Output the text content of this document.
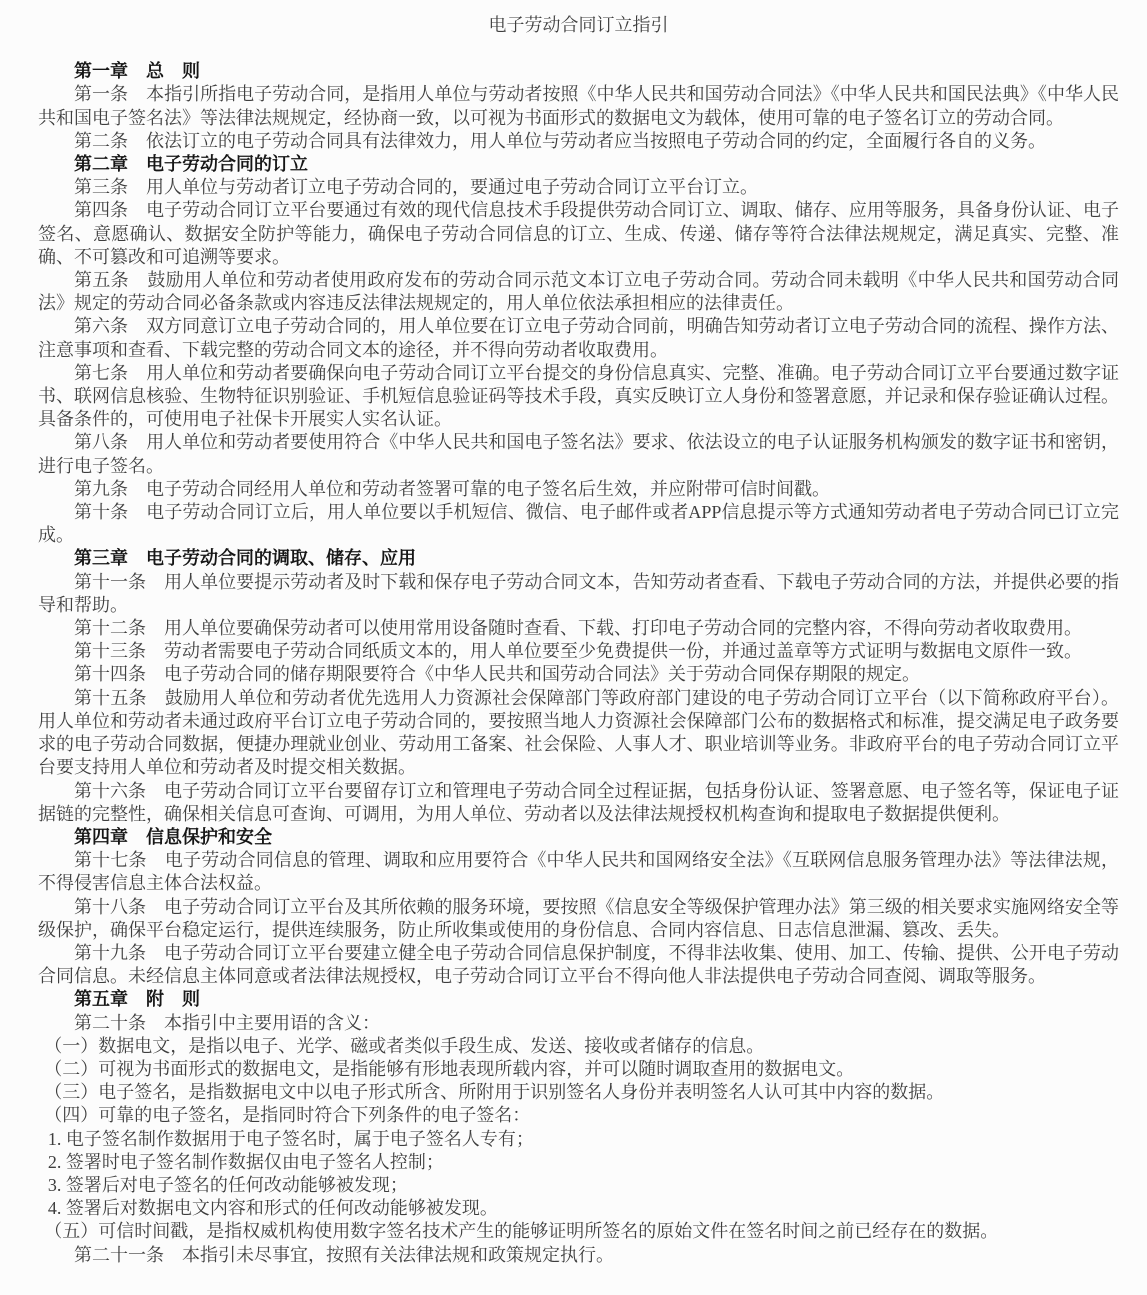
电子劳动合同订立指引

第一章　总　则

第一条　本指引所指电子劳动合同，是指用人单位与劳动者按照《中华人民共和国劳动合同法》《中华人民共和国民法典》《中华人民共和国电子签名法》等法律法规规定，经协商一致，以可视为书面形式的数据电文为载体，使用可靠的电子签名订立的劳动合同。

第二条　依法订立的电子劳动合同具有法律效力，用人单位与劳动者应当按照电子劳动合同的约定，全面履行各自的义务。

第二章　电子劳动合同的订立

第三条　用人单位与劳动者订立电子劳动合同的，要通过电子劳动合同订立平台订立。

第四条　电子劳动合同订立平台要通过有效的现代信息技术手段提供劳动合同订立、调取、储存、应用等服务，具备身份认证、电子签名、意愿确认、数据安全防护等能力，确保电子劳动合同信息的订立、生成、传递、储存等符合法律法规规定，满足真实、完整、准确、不可篡改和可追溯等要求。

第五条　鼓励用人单位和劳动者使用政府发布的劳动合同示范文本订立电子劳动合同。劳动合同未载明《中华人民共和国劳动合同法》规定的劳动合同必备条款或内容违反法律法规规定的，用人单位依法承担相应的法律责任。

第六条　双方同意订立电子劳动合同的，用人单位要在订立电子劳动合同前，明确告知劳动者订立电子劳动合同的流程、操作方法、注意事项和查看、下载完整的劳动合同文本的途径，并不得向劳动者收取费用。

第七条　用人单位和劳动者要确保向电子劳动合同订立平台提交的身份信息真实、完整、准确。电子劳动合同订立平台要通过数字证书、联网信息核验、生物特征识别验证、手机短信息验证码等技术手段，真实反映订立人身份和签署意愿，并记录和保存验证确认过程。具备条件的，可使用电子社保卡开展实人实名认证。

第八条　用人单位和劳动者要使用符合《中华人民共和国电子签名法》要求、依法设立的电子认证服务机构颁发的数字证书和密钥，进行电子签名。

第九条　电子劳动合同经用人单位和劳动者签署可靠的电子签名后生效，并应附带可信时间戳。

第十条　电子劳动合同订立后，用人单位要以手机短信、微信、电子邮件或者APP信息提示等方式通知劳动者电子劳动合同已订立完成。

第三章　电子劳动合同的调取、储存、应用

第十一条　用人单位要提示劳动者及时下载和保存电子劳动合同文本，告知劳动者查看、下载电子劳动合同的方法，并提供必要的指导和帮助。

第十二条　用人单位要确保劳动者可以使用常用设备随时查看、下载、打印电子劳动合同的完整内容，不得向劳动者收取费用。

第十三条　劳动者需要电子劳动合同纸质文本的，用人单位要至少免费提供一份，并通过盖章等方式证明与数据电文原件一致。

第十四条　电子劳动合同的储存期限要符合《中华人民共和国劳动合同法》关于劳动合同保存期限的规定。

第十五条　鼓励用人单位和劳动者优先选用人力资源社会保障部门等政府部门建设的电子劳动合同订立平台（以下简称政府平台）。用人单位和劳动者未通过政府平台订立电子劳动合同的，要按照当地人力资源社会保障部门公布的数据格式和标准，提交满足电子政务要求的电子劳动合同数据，便捷办理就业创业、劳动用工备案、社会保险、人事人才、职业培训等业务。非政府平台的电子劳动合同订立平台要支持用人单位和劳动者及时提交相关数据。

第十六条　电子劳动合同订立平台要留存订立和管理电子劳动合同全过程证据，包括身份认证、签署意愿、电子签名等，保证电子证据链的完整性，确保相关信息可查询、可调用，为用人单位、劳动者以及法律法规授权机构查询和提取电子数据提供便利。

第四章　信息保护和安全

第十七条　电子劳动合同信息的管理、调取和应用要符合《中华人民共和国网络安全法》《互联网信息服务管理办法》等法律法规，不得侵害信息主体合法权益。

第十八条　电子劳动合同订立平台及其所依赖的服务环境，要按照《信息安全等级保护管理办法》第三级的相关要求实施网络安全等级保护，确保平台稳定运行，提供连续服务，防止所收集或使用的身份信息、合同内容信息、日志信息泄漏、篡改、丢失。

第十九条　电子劳动合同订立平台要建立健全电子劳动合同信息保护制度，不得非法收集、使用、加工、传输、提供、公开电子劳动合同信息。未经信息主体同意或者法律法规授权，电子劳动合同订立平台不得向他人非法提供电子劳动合同查阅、调取等服务。

第五章　附　则

第二十条　本指引中主要用语的含义：

（一）数据电文，是指以电子、光学、磁或者类似手段生成、发送、接收或者储存的信息。

（二）可视为书面形式的数据电文，是指能够有形地表现所载内容，并可以随时调取查用的数据电文。

（三）电子签名，是指数据电文中以电子形式所含、所附用于识别签名人身份并表明签名人认可其中内容的数据。

（四）可靠的电子签名，是指同时符合下列条件的电子签名：

1. 电子签名制作数据用于电子签名时，属于电子签名人专有；

2. 签署时电子签名制作数据仅由电子签名人控制；

3. 签署后对电子签名的任何改动能够被发现；

4. 签署后对数据电文内容和形式的任何改动能够被发现。

（五）可信时间戳，是指权威机构使用数字签名技术产生的能够证明所签名的原始文件在签名时间之前已经存在的数据。

第二十一条　本指引未尽事宜，按照有关法律法规和政策规定执行。
